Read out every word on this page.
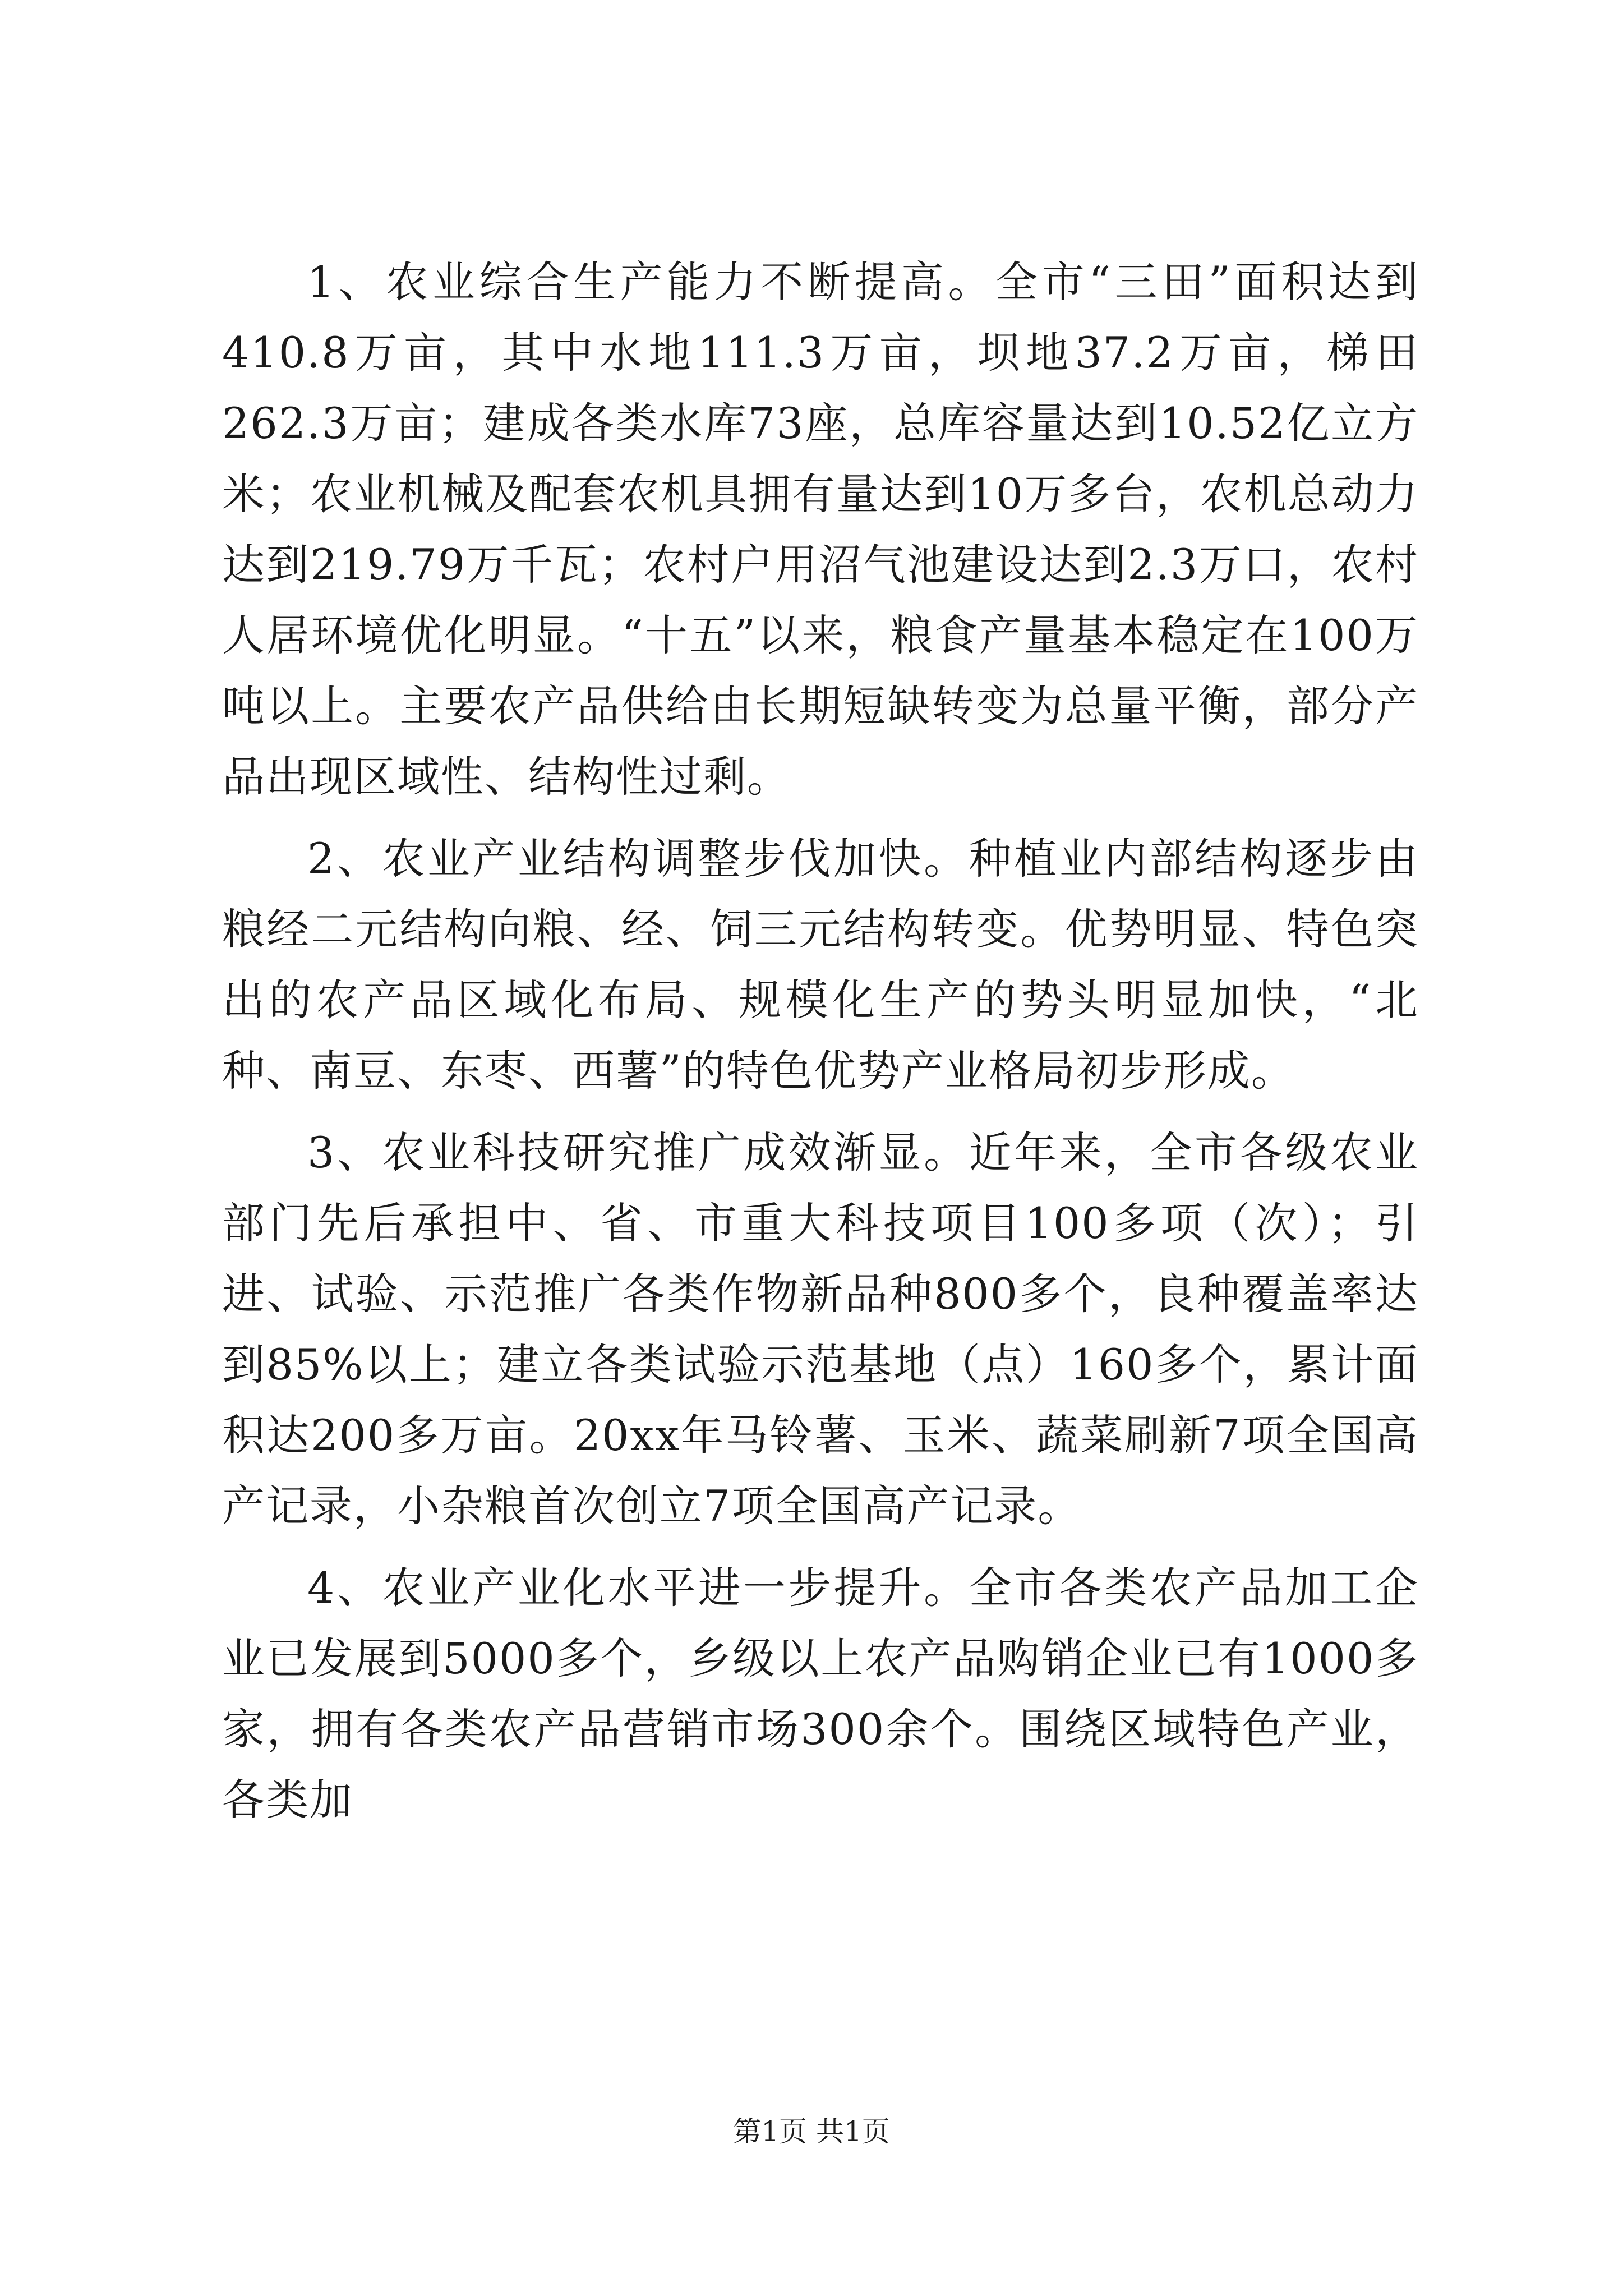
1、农业综合生产能力不断提高。全市“三田”面积达到410.8万亩，其中水地111.3万亩，坝地37.2万亩，梯田262.3万亩；建成各类水库73座，总库容量达到10.52亿立方米；农业机械及配套农机具拥有量达到10万多台，农机总动力达到219.79万千瓦；农村户用沼气池建设达到2.3万口，农村人居环境优化明显。“十五”以来，粮食产量基本稳定在100万吨以上。主要农产品供给由长期短缺转变为总量平衡，部分产品出现区域性、结构性过剩。

2、农业产业结构调整步伐加快。种植业内部结构逐步由粮经二元结构向粮、经、饲三元结构转变。优势明显、特色突出的农产品区域化布局、规模化生产的势头明显加快，“北种、南豆、东枣、西薯”的特色优势产业格局初步形成。

3、农业科技研究推广成效渐显。近年来，全市各级农业部门先后承担中、省、市重大科技项目100多项（次）；引进、试验、示范推广各类作物新品种800多个，良种覆盖率达到85%以上；建立各类试验示范基地（点）160多个，累计面积达200多万亩。20xx年马铃薯、玉米、蔬菜刷新7项全国高产记录，小杂粮首次创立7项全国高产记录。

4、农业产业化水平进一步提升。全市各类农产品加工企业已发展到5000多个，乡级以上农产品购销企业已有1000多家，拥有各类农产品营销市场300余个。围绕区域特色产业，各类加

第1页 共1页
